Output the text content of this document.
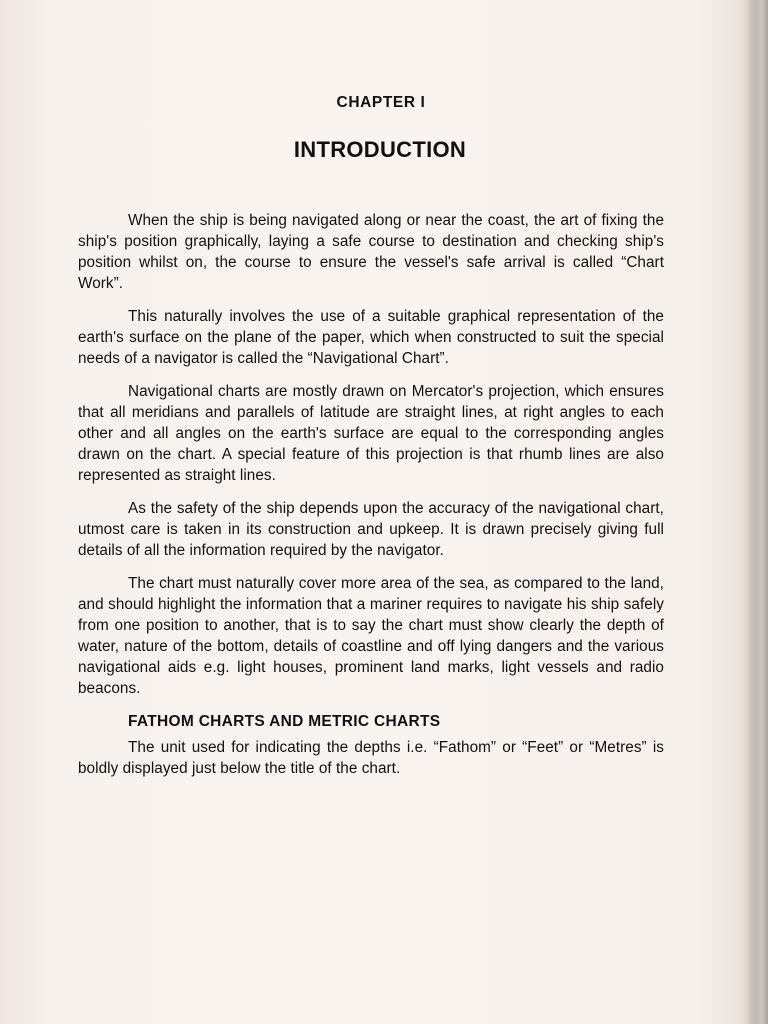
CHAPTER I
INTRODUCTION

When the ship is being navigated along or near the coast, the art of fixing the ship's position graphically, laying a safe course to destination and checking ship's position whilst on, the course to ensure the vessel's safe arrival is called “Chart Work”.

This naturally involves the use of a suitable graphical representation of the earth's surface on the plane of the paper, which when constructed to suit the special needs of a navigator is called the “Navigational Chart”.

Navigational charts are mostly drawn on Mercator's projection, which ensures that all meridians and parallels of latitude are straight lines, at right angles to each other and all angles on the earth's surface are equal to the corresponding angles drawn on the chart. A special feature of this projection is that rhumb lines are also represented as straight lines.

As the safety of the ship depends upon the accuracy of the navigational chart, utmost care is taken in its construction and upkeep. It is drawn precisely giving full details of all the information required by the navigator.

The chart must naturally cover more area of the sea, as compared to the land, and should highlight the information that a mariner requires to navigate his ship safely from one position to another, that is to say the chart must show clearly the depth of water, nature of the bottom, details of coastline and off lying dangers and the various navigational aids e.g. light houses, prominent land marks, light vessels and radio beacons.

FATHOM CHARTS AND METRIC CHARTS

The unit used for indicating the depths i.e. “Fathom” or “Feet” or “Metres” is boldly displayed just below the title of the chart.
